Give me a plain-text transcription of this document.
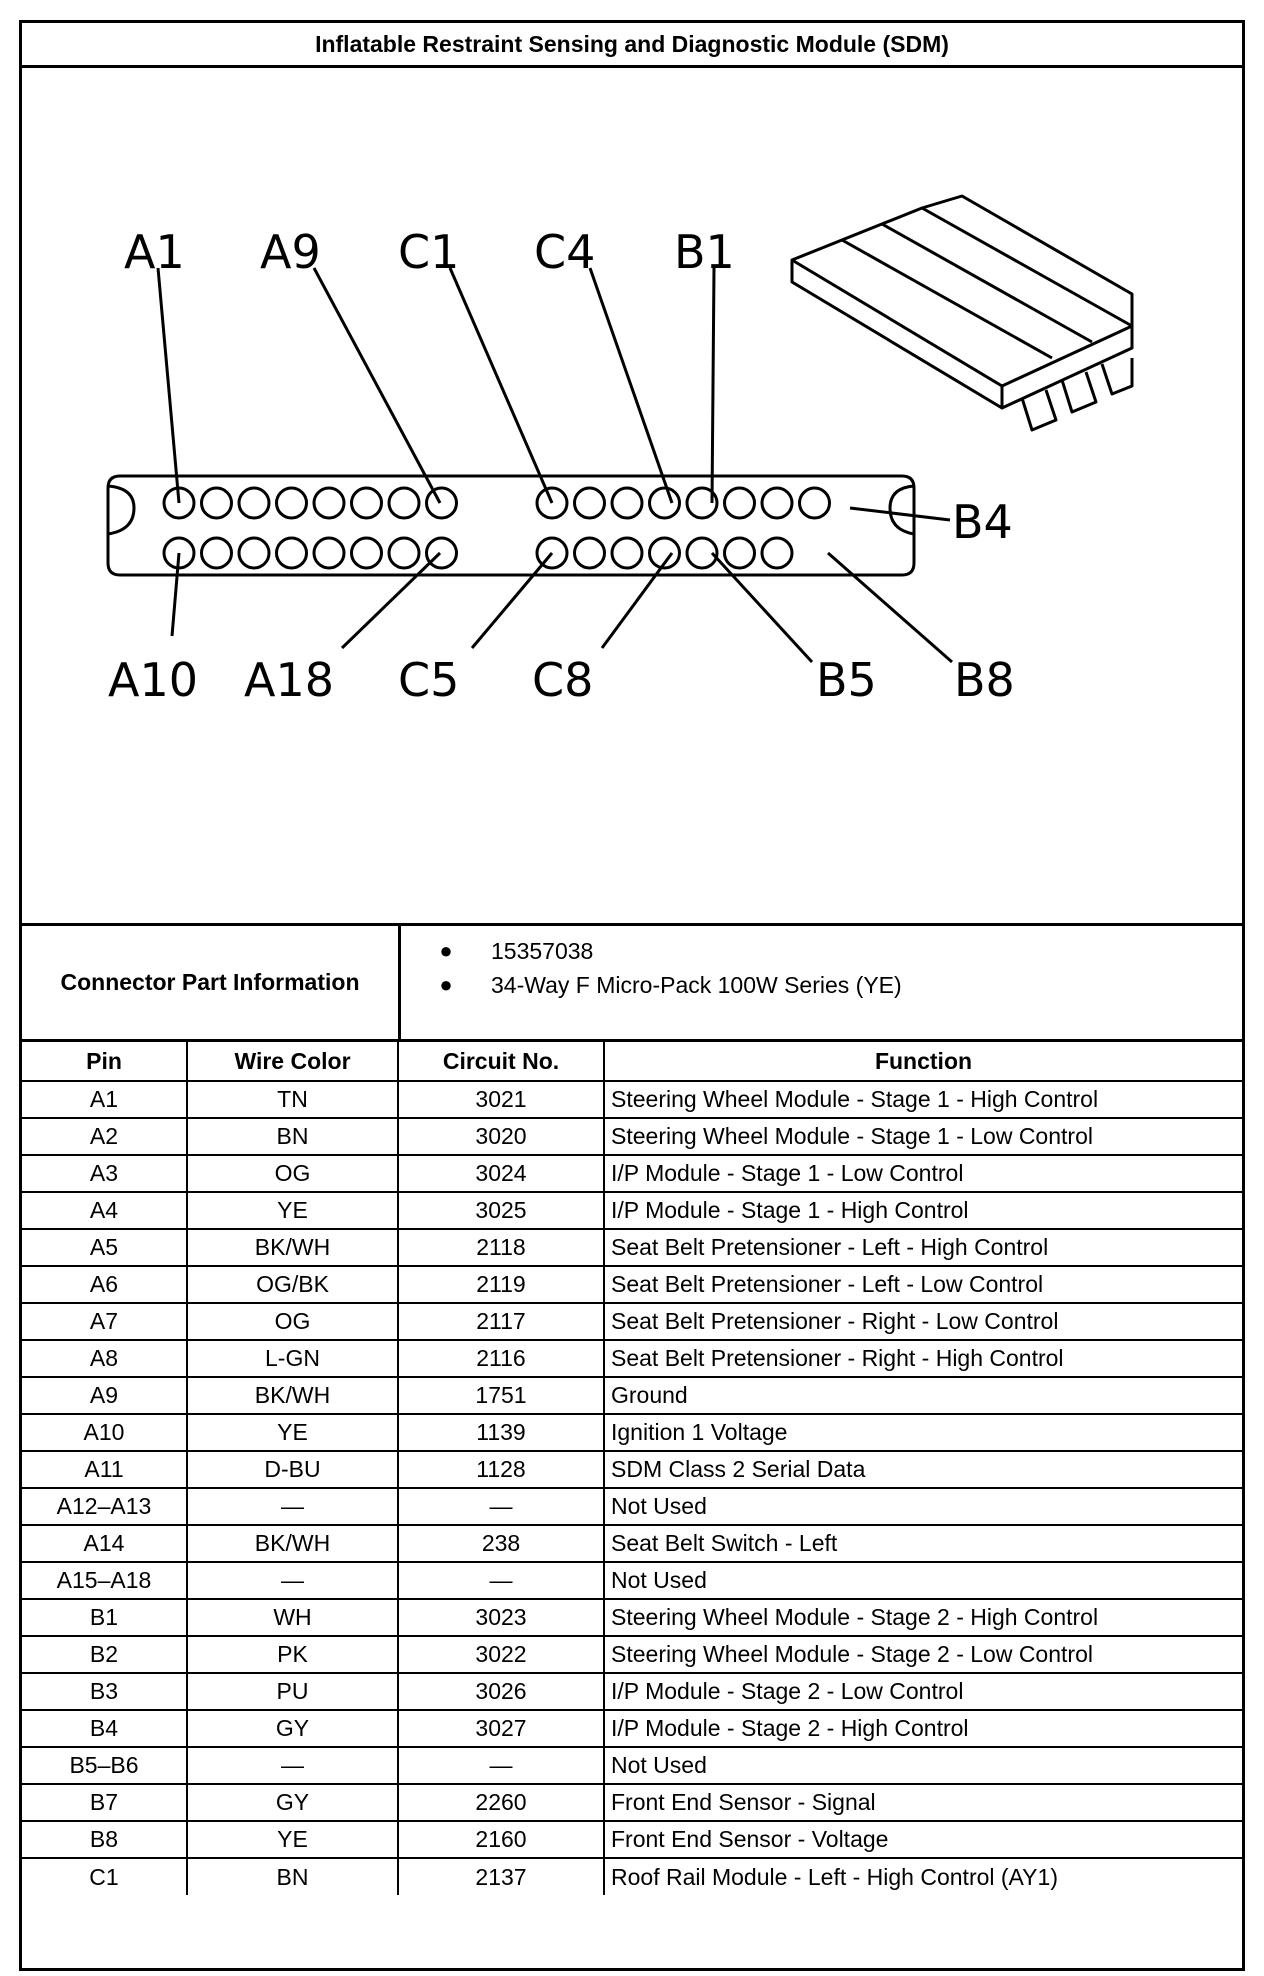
Inflatable Restraint Sensing and Diagnostic Module (SDM)
A1 A9 C1 C4 B1
B4
A10 A18 C5 C8	B5 B8
Connector Part Information
●	15357038
●	34-Way F Micro-Pack 100W Series (YE)
Pin	Wire Color	Circuit No.	Function
A1	TN	3021	Steering Wheel Module - Stage 1 - High Control
A2	BN	3020	Steering Wheel Module - Stage 1 - Low Control
A3	OG	3024	I/P Module - Stage 1 - Low Control
A4	YE	3025	I/P Module - Stage 1 - High Control
A5	BK/WH	2118	Seat Belt Pretensioner - Left - High Control
A6	OG/BK	2119	Seat Belt Pretensioner - Left - Low Control
A7	OG	2117	Seat Belt Pretensioner - Right - Low Control
A8	L-GN	2116	Seat Belt Pretensioner - Right - High Control
A9	BK/WH	1751	Ground
A10	YE	1139	Ignition 1 Voltage
A11	D-BU	1128	SDM Class 2 Serial Data
A12–A13	—	—	Not Used
A14	BK/WH	238	Seat Belt Switch - Left
A15–A18	—	—	Not Used
B1	WH	3023	Steering Wheel Module - Stage 2 - High Control
B2	PK	3022	Steering Wheel Module - Stage 2 - Low Control
B3	PU	3026	I/P Module - Stage 2 - Low Control
B4	GY	3027	I/P Module - Stage 2 - High Control
B5–B6	—	—	Not Used
B7	GY	2260	Front End Sensor - Signal
B8	YE	2160	Front End Sensor - Voltage
C1	BN	2137	Roof Rail Module - Left - High Control (AY1)
